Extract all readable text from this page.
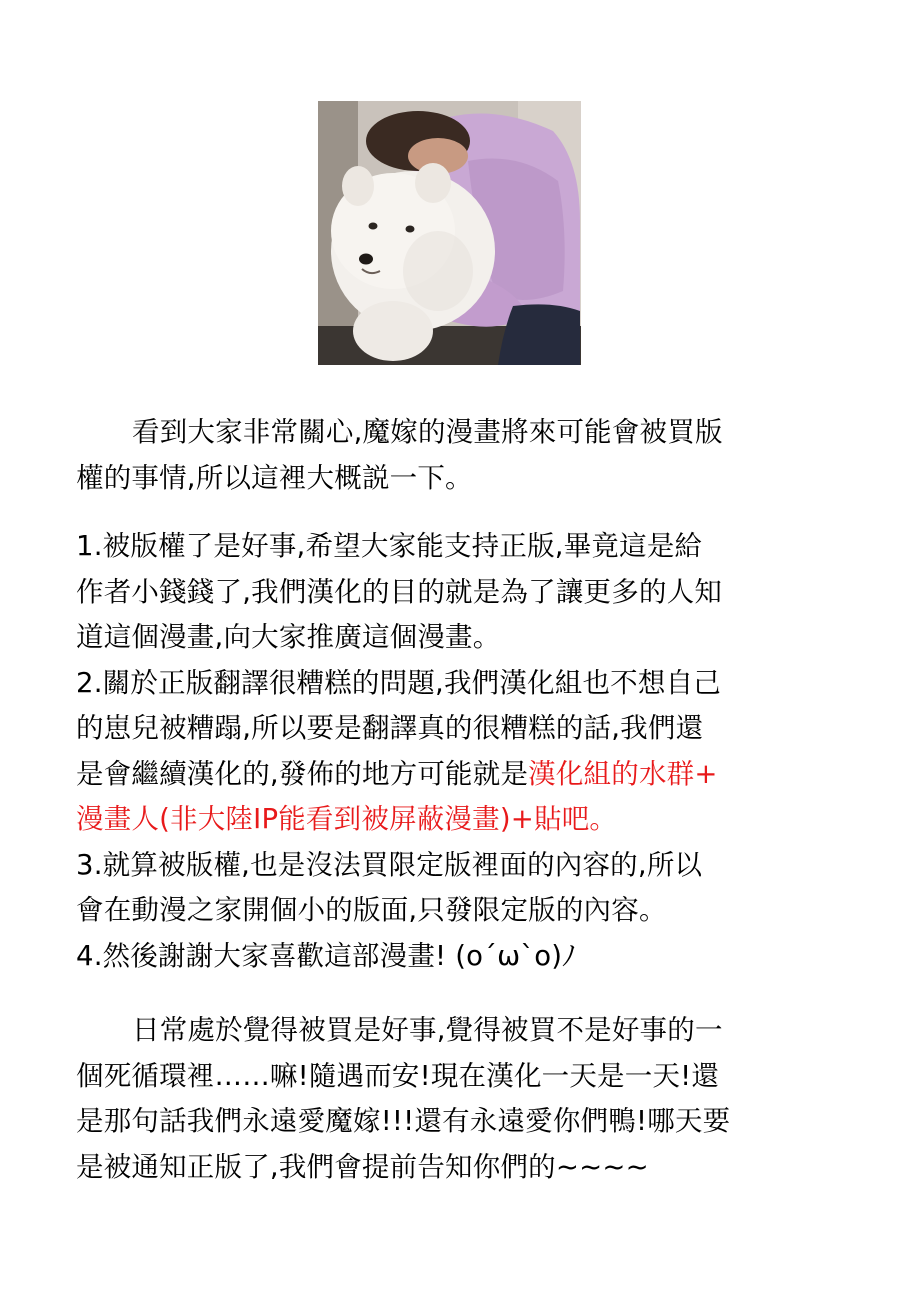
看到大家非常關心,魔嫁的漫畫將來可能會被買版
權的事情,所以這裡大概説一下。

1.被版權了是好事,希望大家能支持正版,畢竟這是給
作者小錢錢了,我們漢化的目的就是為了讓更多的人知
道這個漫畫,向大家推廣這個漫畫。

2.關於正版翻譯很糟糕的問題,我們漢化組也不想自己
的崽兒被糟蹋,所以要是翻譯真的很糟糕的話,我們還
是會繼續漢化的,發佈的地方可能就是漢化組的水群+
漫畫人(非大陸IP能看到被屏蔽漫畫)+貼吧。

3.就算被版權,也是沒法買限定版裡面的內容的,所以
會在動漫之家開個小的版面,只發限定版的內容。

4.然後謝謝大家喜歡這部漫畫! (o´ω`o)ﾉ

日常處於覺得被買是好事,覺得被買不是好事的一
個死循環裡……嘛!隨遇而安!現在漢化一天是一天!還
是那句話我們永遠愛魔嫁!!!還有永遠愛你們鴨!哪天要
是被通知正版了,我們會提前告知你們的~~~~
